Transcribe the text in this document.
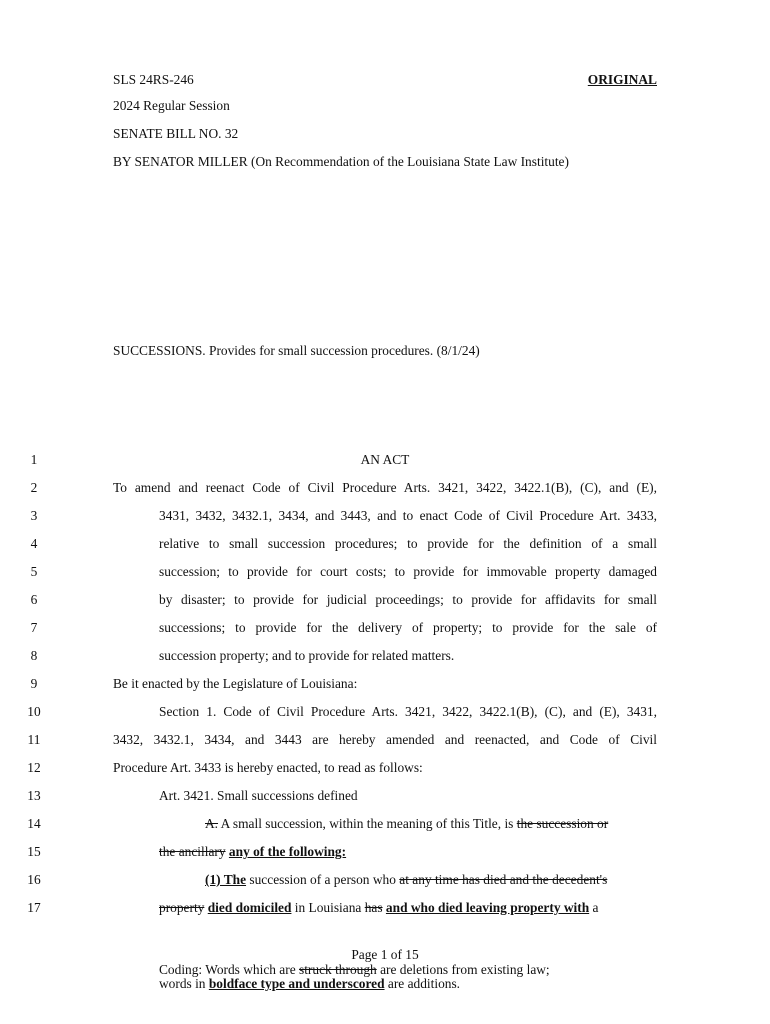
SLS 24RS-246	ORIGINAL
2024 Regular Session
SENATE BILL NO. 32
BY SENATOR MILLER (On Recommendation of the Louisiana State Law Institute)
SUCCESSIONS. Provides for small succession procedures. (8/1/24)
1	AN ACT
2	To amend and reenact Code of Civil Procedure Arts. 3421, 3422, 3422.1(B), (C), and (E),
3	3431, 3432, 3432.1, 3434, and 3443, and to enact Code of Civil Procedure Art. 3433,
4	relative to small succession procedures; to provide for the definition of a small
5	succession; to provide for court costs; to provide for immovable property damaged
6	by disaster; to provide for judicial proceedings; to provide for affidavits for small
7	successions; to provide for the delivery of property; to provide for the sale of
8	succession property; and to provide for related matters.
9	Be it enacted by the Legislature of Louisiana:
10	Section 1. Code of Civil Procedure Arts. 3421, 3422, 3422.1(B), (C), and (E), 3431,
11	3432, 3432.1, 3434, and 3443 are hereby amended and reenacted, and Code of Civil
12	Procedure Art. 3433 is hereby enacted, to read as follows:
13	Art. 3421. Small successions defined
14	A. A small succession, within the meaning of this Title, is the succession or
15	the ancillary any of the following:
16	(1) The succession of a person who at any time has died and the decedent's
17	property died domiciled in Louisiana has and who died leaving property with a
Page 1 of 15
Coding: Words which are struck through are deletions from existing law;
words in boldface type and underscored are additions.
